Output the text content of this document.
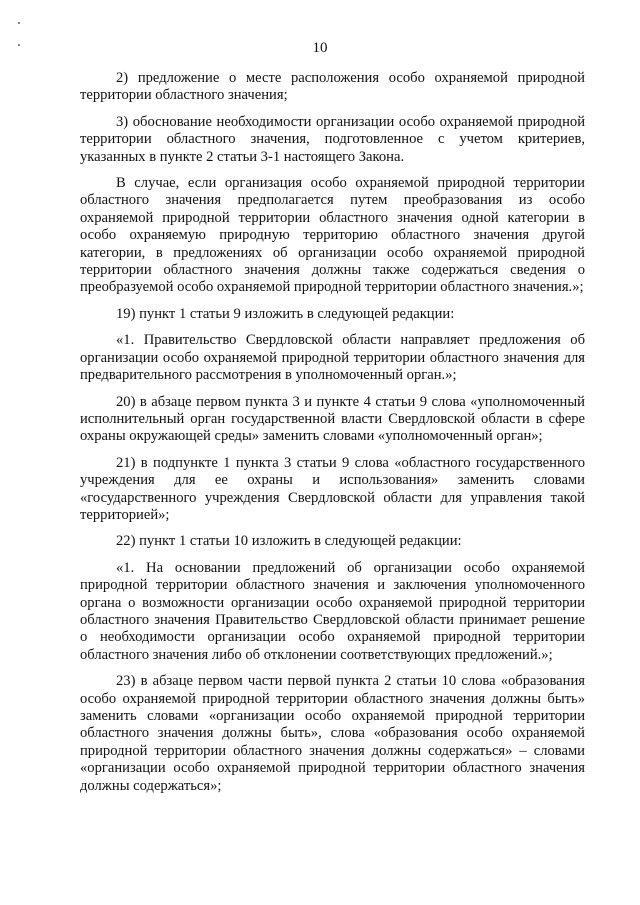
10

2) предложение о месте расположения особо охраняемой природной территории областного значения;

3) обоснование необходимости организации особо охраняемой природной территории областного значения, подготовленное с учетом критериев, указанных в пункте 2 статьи 3-1 настоящего Закона.

В случае, если организация особо охраняемой природной территории областного значения предполагается путем преобразования из особо охраняемой природной территории областного значения одной категории в особо охраняемую природную территорию областного значения другой категории, в предложениях об организации особо охраняемой природной территории областного значения должны также содержаться сведения о преобразуемой особо охраняемой природной территории областного значения.»;

19) пункт 1 статьи 9 изложить в следующей редакции:

«1. Правительство Свердловской области направляет предложения об организации особо охраняемой природной территории областного значения для предварительного рассмотрения в уполномоченный орган.»;

20) в абзаце первом пункта 3 и пункте 4 статьи 9 слова «уполномоченный исполнительный орган государственной власти Свердловской области в сфере охраны окружающей среды» заменить словами «уполномоченный орган»;

21) в подпункте 1 пункта 3 статьи 9 слова «областного государственного учреждения для ее охраны и использования» заменить словами «государственного учреждения Свердловской области для управления такой территорией»;

22) пункт 1 статьи 10 изложить в следующей редакции:

«1. На основании предложений об организации особо охраняемой природной территории областного значения и заключения уполномоченного органа о возможности организации особо охраняемой природной территории областного значения Правительство Свердловской области принимает решение о необходимости организации особо охраняемой природной территории областного значения либо об отклонении соответствующих предложений.»;

23) в абзаце первом части первой пункта 2 статьи 10 слова «образования особо охраняемой природной территории областного значения должны быть» заменить словами «организации особо охраняемой природной территории областного значения должны быть», слова «образования особо охраняемой природной территории областного значения должны содержаться» – словами «организации особо охраняемой природной территории областного значения должны содержаться»;
